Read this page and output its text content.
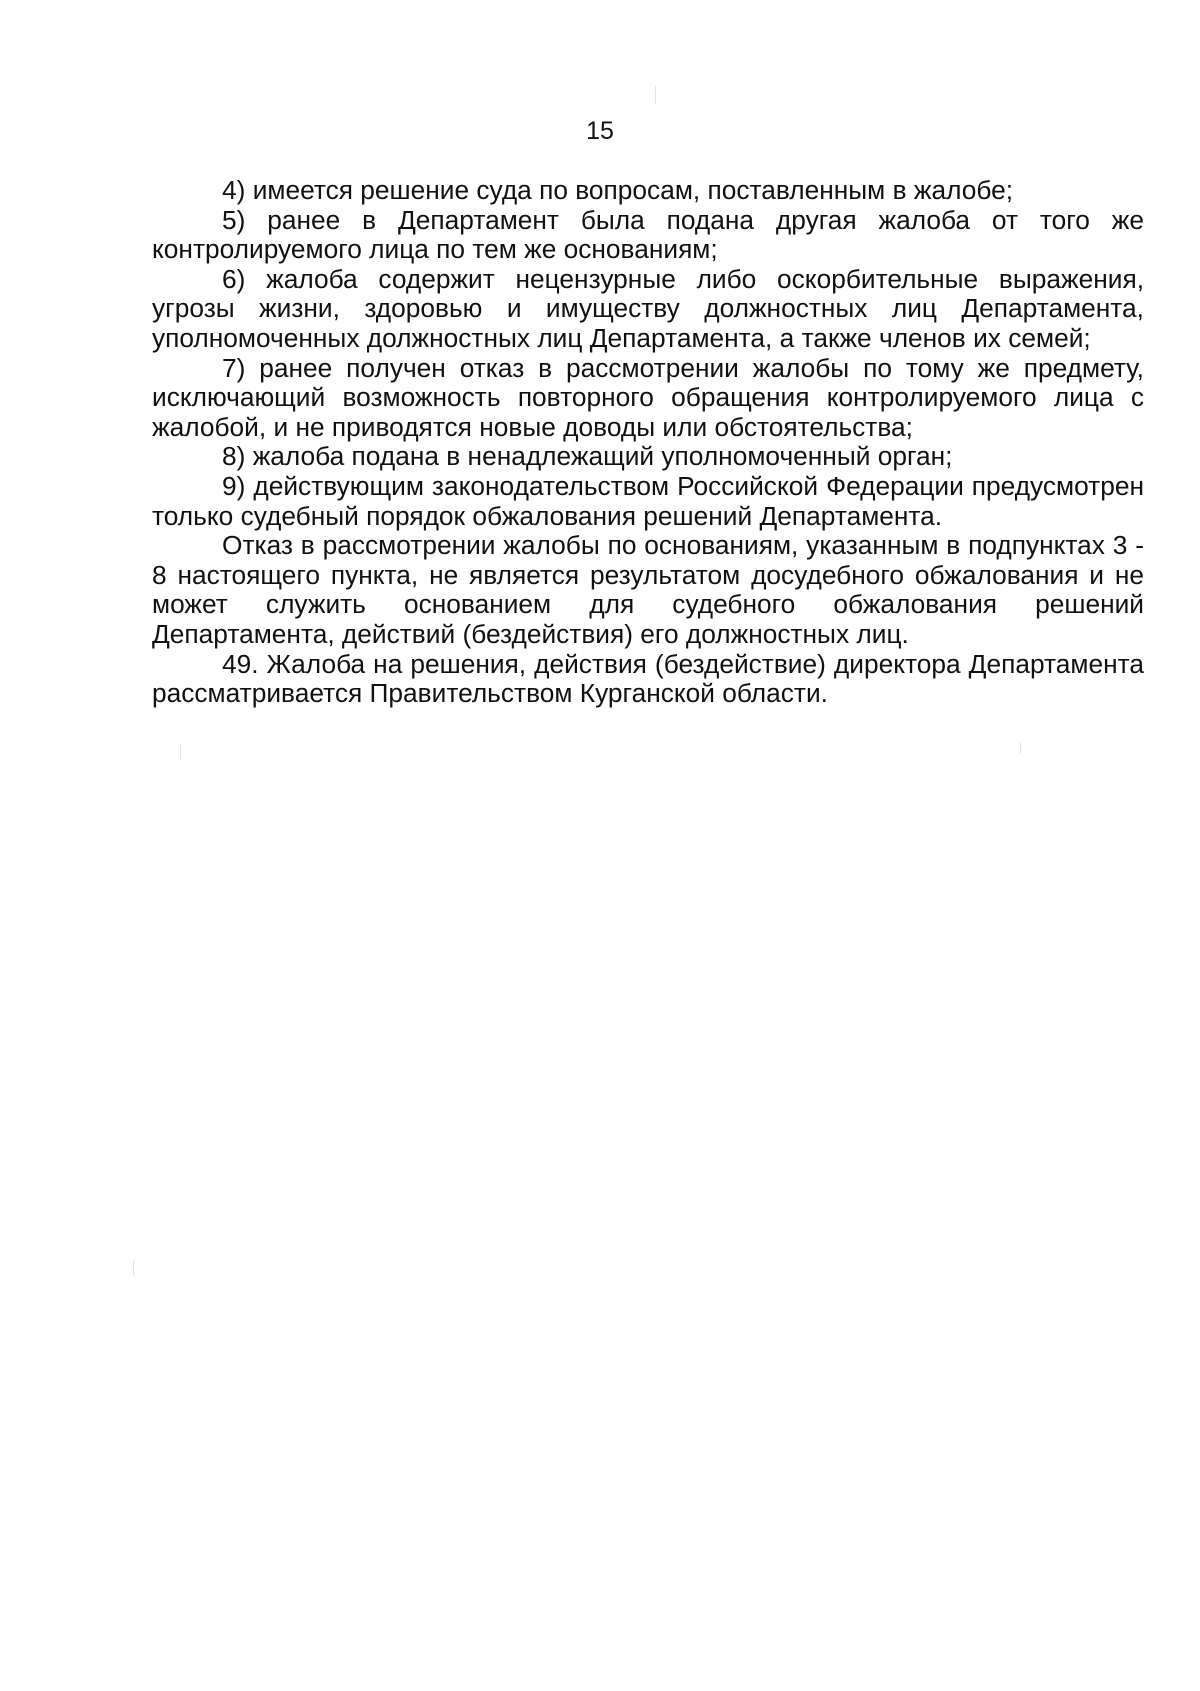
15

4) имеется решение суда по вопросам, поставленным в жалобе;

5) ранее в Департамент была подана другая жалоба от того же контролируемого лица по тем же основаниям;

6) жалоба содержит нецензурные либо оскорбительные выражения, угрозы жизни, здоровью и имуществу должностных лиц Департамента, уполномоченных должностных лиц Департамента, а также членов их семей;

7) ранее получен отказ в рассмотрении жалобы по тому же предмету, исключающий возможность повторного обращения контролируемого лица с жалобой, и не приводятся новые доводы или обстоятельства;

8) жалоба подана в ненадлежащий уполномоченный орган;

9) действующим законодательством Российской Федерации предусмотрен только судебный порядок обжалования решений Департамента.

Отказ в рассмотрении жалобы по основаниям, указанным в подпунктах 3 - 8 настоящего пункта, не является результатом досудебного обжалования и не может служить основанием для судебного обжалования решений Департамента, действий (бездействия) его должностных лиц.

49. Жалоба на решения, действия (бездействие) директора Департамента рассматривается Правительством Курганской области.
